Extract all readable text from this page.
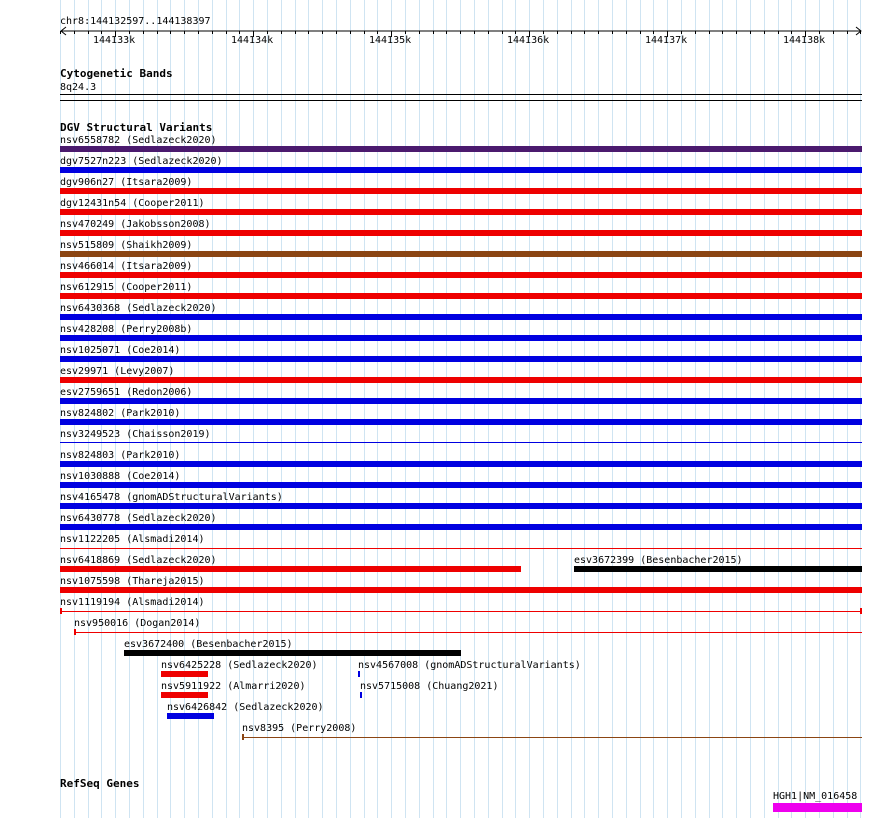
chr8:144132597..144138397
144133k	144134k	144135k	144136k	144137k	144138k
Cytogenetic Bands
8q24.3
DGV Structural Variants
nsv6558782 (Sedlazeck2020)
dgv7527n223 (Sedlazeck2020)
dgv906n27 (Itsara2009)
dgv12431n54 (Cooper2011)
nsv470249 (Jakobsson2008)
nsv515809 (Shaikh2009)
nsv466014 (Itsara2009)
nsv612915 (Cooper2011)
nsv6430368 (Sedlazeck2020)
nsv428208 (Perry2008b)
nsv1025071 (Coe2014)
esv29971 (Levy2007)
esv2759651 (Redon2006)
nsv824802 (Park2010)
nsv3249523 (Chaisson2019)
nsv824803 (Park2010)
nsv1030888 (Coe2014)
nsv4165478 (gnomADStructuralVariants)
nsv6430778 (Sedlazeck2020)
nsv1122205 (Alsmadi2014)
nsv6418869 (Sedlazeck2020)	esv3672399 (Besenbacher2015)
nsv1075598 (Thareja2015)
nsv1119194 (Alsmadi2014)
nsv950016 (Dogan2014)
esv3672400 (Besenbacher2015)
nsv6425228 (Sedlazeck2020)	nsv4567008 (gnomADStructuralVariants)
nsv5911922 (Almarri2020)	nsv5715008 (Chuang2021)
nsv6426842 (Sedlazeck2020)
nsv8395 (Perry2008)
RefSeq Genes
HGH1|NM_016458
